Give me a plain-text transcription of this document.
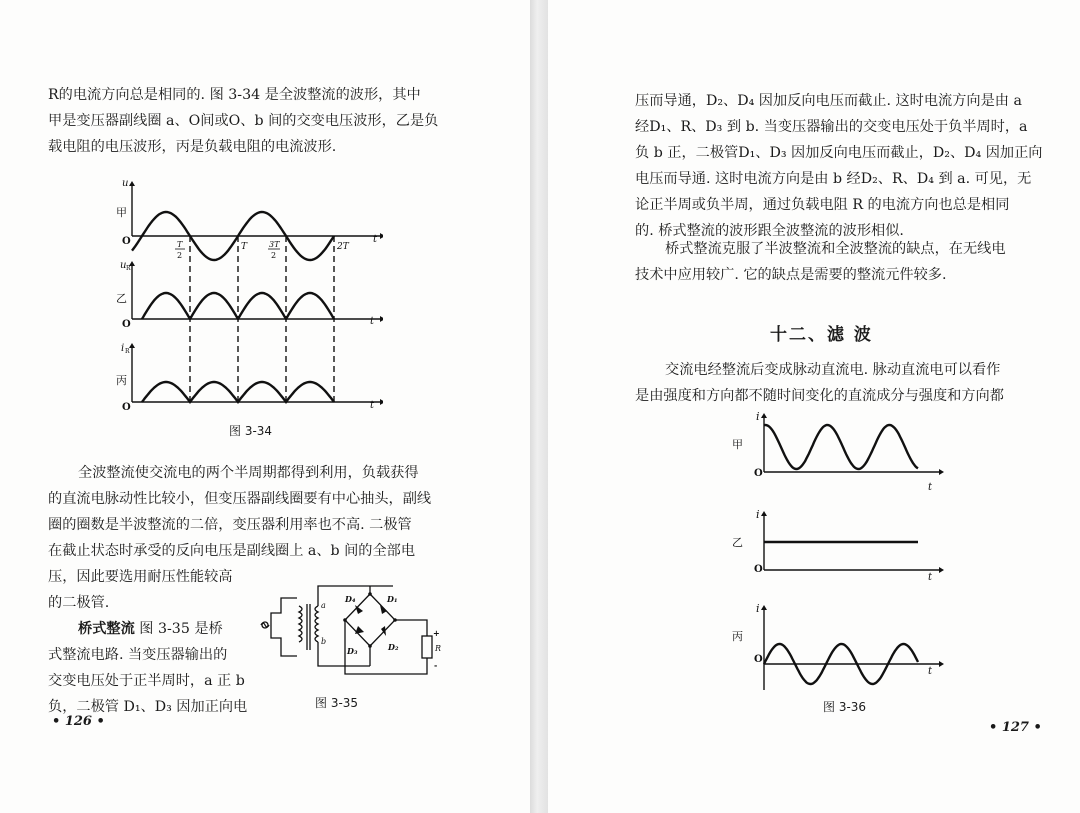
R的电流方向总是相同的. 图 3-34 是全波整流的波形，其中
甲是变压器副线圈 a、O间或O、b 间的交变电压波形，乙是负
载电阻的电压波形，丙是负载电阻的电流波形.
甲
乙
丙
u
u R
i R
O
O
O
t
t
t
T
2
T	3T
2
2T
图 3-34
全波整流使交流电的两个半周期都得到利用，负载获得
的直流电脉动性比较小，但变压器副线圈要有中心抽头，副线
圈的圈数是半波整流的二倍，变压器利用率也不高. 二极管
在截止状态时承受的反向电压是副线圈上 a、b 间的全部电
压，因此要选用耐压性能较高
的二极管.
桥式整流 图 3-35 是桥
式整流电路. 当变压器输出的
交变电压处于正半周时，a 正 b
负，二极管 D₁、D₃ 因加正向电
a
b
D₄	D₁
D₃	D₂	R
+
-
图 3-35
• 126 •
压而导通，D₂、D₄ 因加反向电压而截止. 这时电流方向是由 a
经D₁、R、D₃ 到 b. 当变压器输出的交变电压处于负半周时，a
负 b 正，二极管D₁、D₃ 因加反向电压而截止，D₂、D₄ 因加正向
电压而导通. 这时电流方向是由 b 经D₂、R、D₄ 到 a. 可见，无
论正半周或负半周，通过负载电阻 R 的电流方向也总是相同
的. 桥式整流的波形跟全波整流的波形相似.
桥式整流克服了半波整流和全波整流的缺点，在无线电
技术中应用较广. 它的缺点是需要的整流元件较多.
十二、滤 波
交流电经整流后变成脉动直流电. 脉动直流电可以看作
是由强度和方向都不随时间变化的直流成分与强度和方向都
甲
乙
丙
i
i
i
O
O
O
t
t
t
图 3-36
• 127 •
